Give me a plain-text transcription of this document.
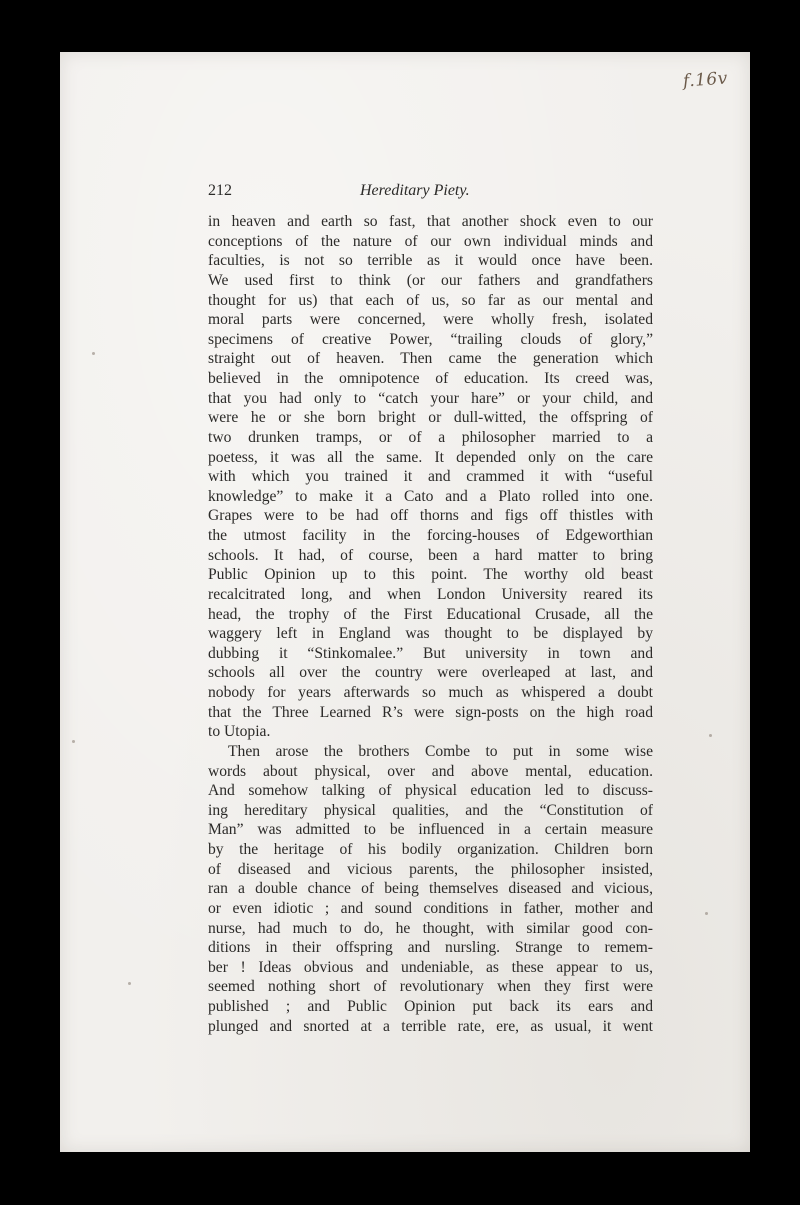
f.16v
212	Hereditary Piety.
in heaven and earth so fast, that another shock even to our
conceptions of the nature of our own individual minds and
faculties, is not so terrible as it would once have been.
We used first to think (or our fathers and grandfathers
thought for us) that each of us, so far as our mental and
moral parts were concerned, were wholly fresh, isolated
specimens of creative Power, “trailing clouds of glory,”
straight out of heaven. Then came the generation which
believed in the omnipotence of education. Its creed was,
that you had only to “catch your hare” or your child, and
were he or she born bright or dull-witted, the offspring of
two drunken tramps, or of a philosopher married to a
poetess, it was all the same. It depended only on the care
with which you trained it and crammed it with “useful
knowledge” to make it a Cato and a Plato rolled into one.
Grapes were to be had off thorns and figs off thistles with
the utmost facility in the forcing-houses of Edgeworthian
schools. It had, of course, been a hard matter to bring
Public Opinion up to this point. The worthy old beast
recalcitrated long, and when London University reared its
head, the trophy of the First Educational Crusade, all the
waggery left in England was thought to be displayed by
dubbing it “Stinkomalee.” But university in town and
schools all over the country were overleaped at last, and
nobody for years afterwards so much as whispered a doubt
that the Three Learned R’s were sign-posts on the high road
to Utopia.
Then arose the brothers Combe to put in some wise
words about physical, over and above mental, education.
And somehow talking of physical education led to discuss-
ing hereditary physical qualities, and the “Constitution of
Man” was admitted to be influenced in a certain measure
by the heritage of his bodily organization. Children born
of diseased and vicious parents, the philosopher insisted,
ran a double chance of being themselves diseased and vicious,
or even idiotic ; and sound conditions in father, mother and
nurse, had much to do, he thought, with similar good con-
ditions in their offspring and nursling. Strange to remem-
ber ! Ideas obvious and undeniable, as these appear to us,
seemed nothing short of revolutionary when they first were
published ; and Public Opinion put back its ears and
plunged and snorted at a terrible rate, ere, as usual, it went
